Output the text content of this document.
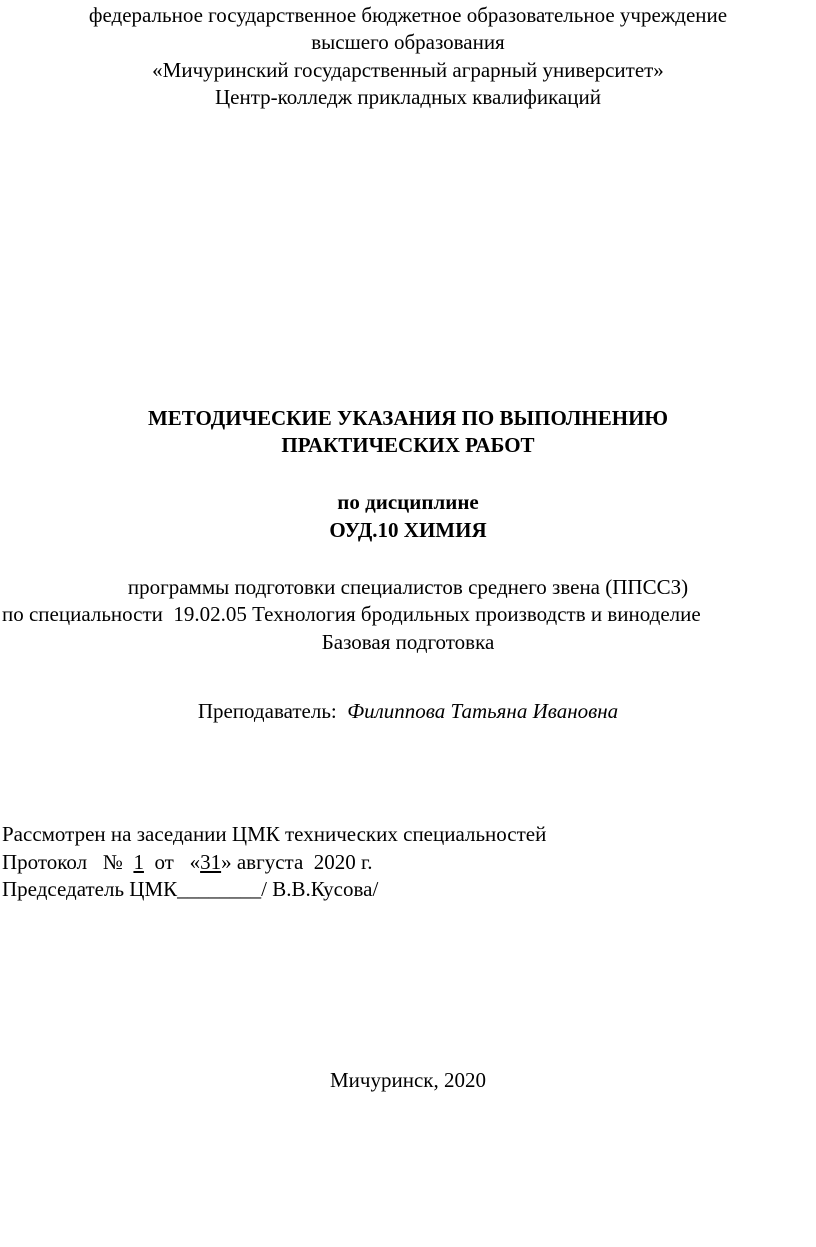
федеральное государственное бюджетное образовательное учреждение
высшего образования
«Мичуринский государственный аграрный университет»
Центр-колледж прикладных квалификаций
МЕТОДИЧЕСКИЕ УКАЗАНИЯ ПО ВЫПОЛНЕНИЮ
ПРАКТИЧЕСКИХ РАБОТ
по дисциплине
ОУД.10 ХИМИЯ
программы подготовки специалистов среднего звена (ППССЗ)
по специальности  19.02.05 Технология бродильных производств и виноделие
Базовая подготовка
Преподаватель: Филиппова Татьяна Ивановна
Рассмотрен на заседании ЦМК технических специальностей
Протокол № 1 от «31» августа  2020 г.
Председатель ЦМК________/ В.В.Кусова/
Мичуринск, 2020
